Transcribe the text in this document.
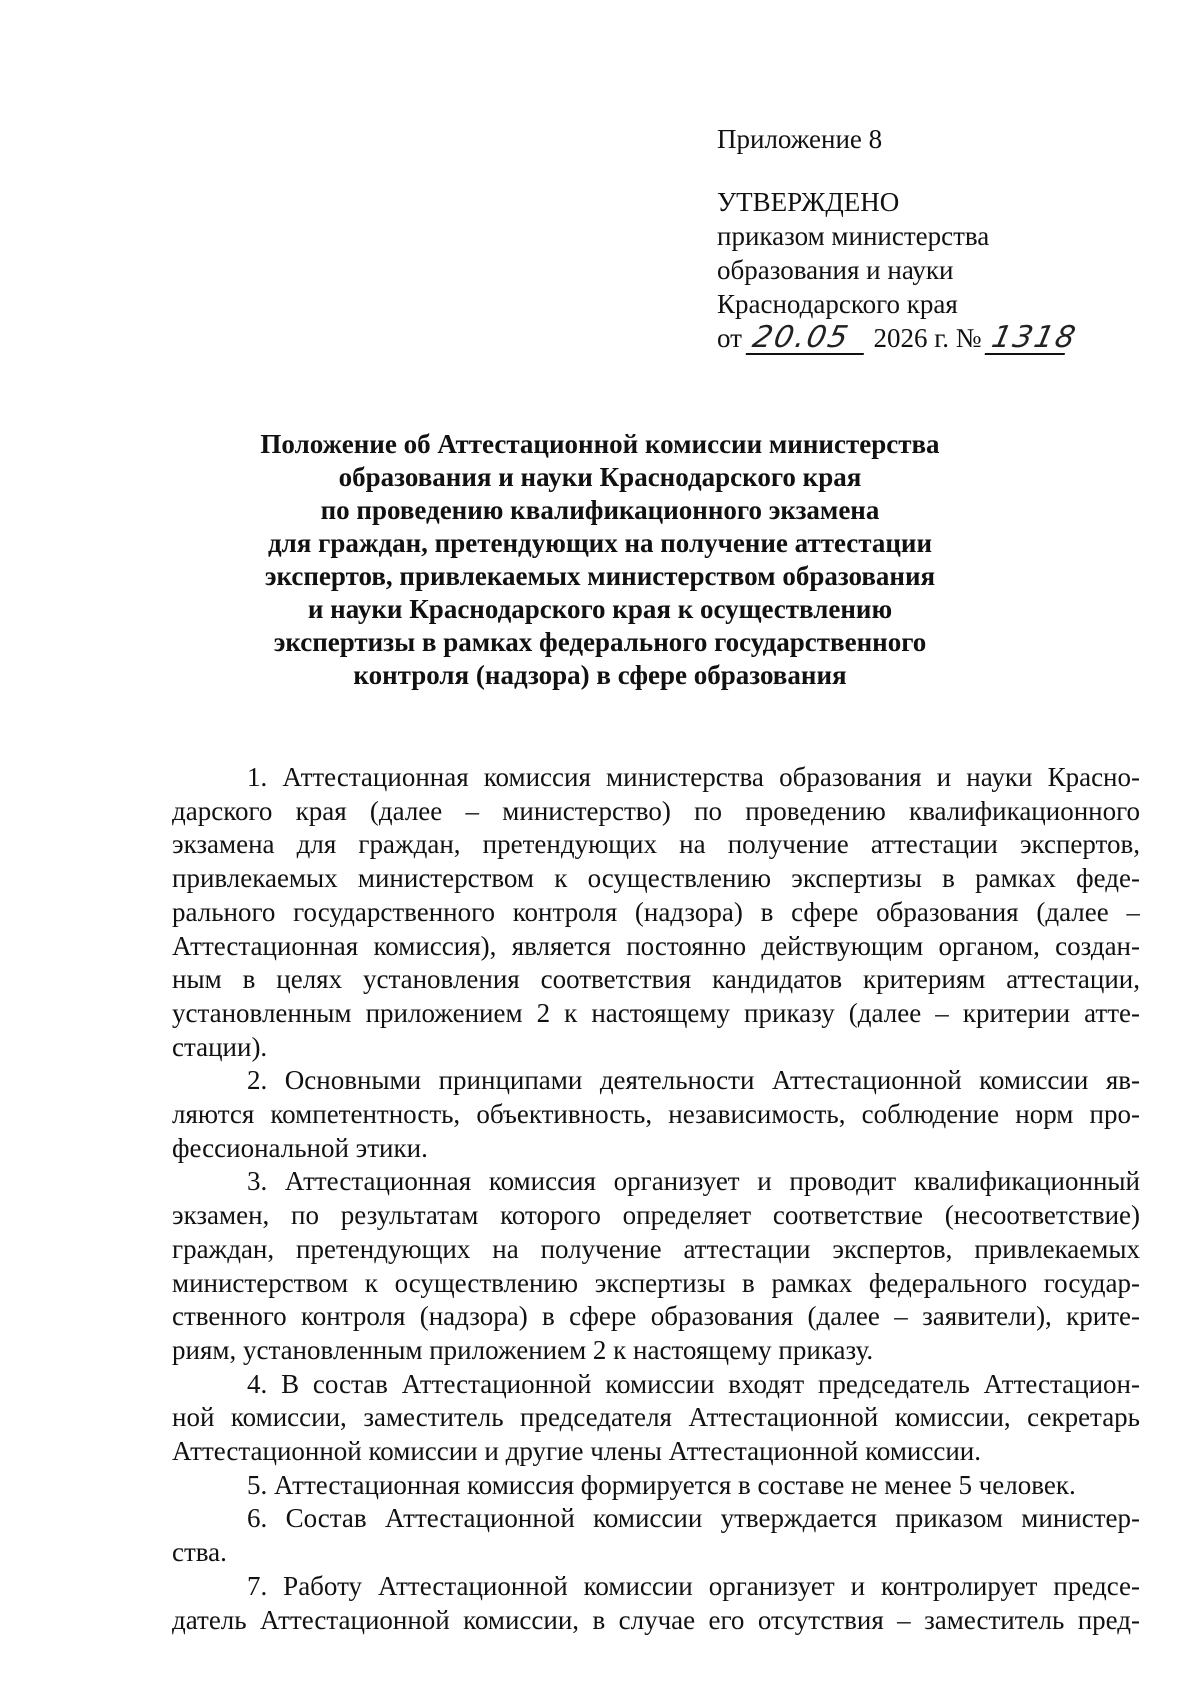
Приложение 8
УТВЕРЖДЕНО
приказом министерства
образования и науки
Краснодарского края
от 20.05 2026 г. № 1318
Положение об Аттестационной комиссии министерства
образования и науки Краснодарского края
по проведению квалификационного экзамена
для граждан, претендующих на получение аттестации
экспертов, привлекаемых министерством образования
и науки Краснодарского края к осуществлению
экспертизы в рамках федерального государственного
контроля (надзора) в сфере образования

1. Аттестационная комиссия министерства образования и науки Красно-
дарского края (далее – министерство) по проведению квалификационного
экзамена для граждан, претендующих на получение аттестации экспертов,
привлекаемых министерством к осуществлению экспертизы в рамках феде-
рального государственного контроля (надзора) в сфере образования (далее –
Аттестационная комиссия), является постоянно действующим органом, создан-
ным в целях установления соответствия кандидатов критериям аттестации,
установленным приложением 2 к настоящему приказу (далее – критерии атте-
стации).

2. Основными принципами деятельности Аттестационной комиссии яв-
ляются компетентность, объективность, независимость, соблюдение норм про-
фессиональной этики.

3. Аттестационная комиссия организует и проводит квалификационный
экзамен, по результатам которого определяет соответствие (несоответствие)
граждан, претендующих на получение аттестации экспертов, привлекаемых
министерством к осуществлению экспертизы в рамках федерального государ-
ственного контроля (надзора) в сфере образования (далее – заявители), крите-
риям, установленным приложением 2 к настоящему приказу.

4. В состав Аттестационной комиссии входят председатель Аттестацион-
ной комиссии, заместитель председателя Аттестационной комиссии, секретарь
Аттестационной комиссии и другие члены Аттестационной комиссии.

5. Аттестационная комиссия формируется в составе не менее 5 человек.

6. Состав Аттестационной комиссии утверждается приказом министер-
ства.

7. Работу Аттестационной комиссии организует и контролирует предсе-
датель Аттестационной комиссии, в случае его отсутствия – заместитель пред-
